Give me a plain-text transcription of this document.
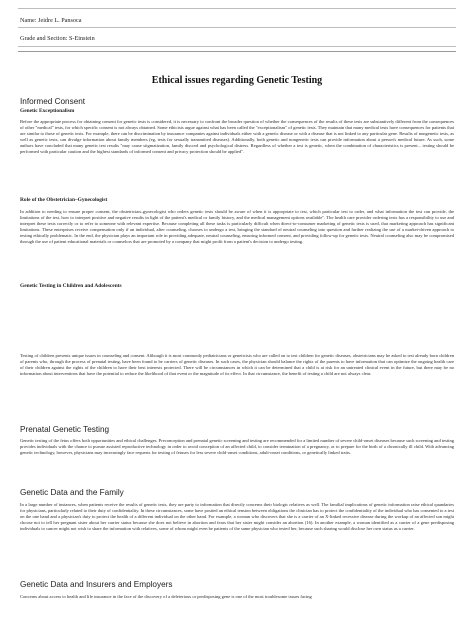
Name: Jeidre L. Pansoca
Grade and Section: S-Einstein
Ethical issues regarding Genetic Testing
Informed Consent
Genetic Exceptionalism

Before the appropriate process for obtaining consent for genetic tests is considered, it is necessary to confront the broader question of whether the consequences of the results of these tests are substantively different from the consequences of other "medical" tests, for which specific consent is not always obtained. Some ethicists argue against what has been called the "exceptionalism" of genetic tests. They maintain that many medical tests have consequences for patients that are similar to those of genetic tests. For example, there can be discrimination by insurance companies against individuals either with a genetic disease or with a disease that is not linked to any particular gene. Results of nongenetic tests, as well as genetic tests, can divulge information about family members (eg, tests for sexually transmitted diseases). Additionally, both genetic and nongenetic tests can provide information about a person's medical future. As such, some authors have concluded that many genetic test results "may cause stigmatization, family discord and psychological distress. Regardless of whether a test is genetic, when the combination of characteristics is present... testing should be performed with particular caution and the highest standards of informed consent and privacy protection should be applied".

Role of the Obstetrician–Gynecologist

In addition to needing to ensure proper consent, the obstetrician–gynecologist who orders genetic tests should be aware of when it is appropriate to test, which particular test to order, and what information the test can provide, the limitations of the test, how to interpret positive and negative results in light of the patient's medical or family history, and the medical management options available". The health care provider ordering tests has a responsibility to use and interpret these tests correctly or to refer to someone with relevant expertise. Because completing all these tasks is particularly difficult when direct-to-consumer marketing of genetic tests is used, that marketing approach has significant limitations. These enterprises receive compensation only if an individual, after counseling, chooses to undergo a test, bringing the standard of neutral counseling into question and further realizing the use of a market-driven approach to testing ethically problematic. In the end, the physician plays an important role in providing adequate, neutral counseling, ensuring informed consent, and providing follow-up for genetic tests. Neutral counseling also may be compromised through the use of patient educational materials or counselors that are promoted by a company that might profit from a patient's decision to undergo testing.

Genetic Testing in Children and Adolescents

Testing of children presents unique issues in counseling and consent. Although it is most commonly pediatricians or geneticists who are called on to test children for genetic diseases, obstetricians may be asked to test already born children of parents who, through the process of prenatal testing, have been found to be carriers of genetic diseases. In such cases, the physician should balance the rights of the parents to have information that can optimize the ongoing health care of their children against the rights of the children to have their best interests protected. There will be circumstances in which it can be determined that a child is at risk for an untreated clinical event in the future, but there may be no information about interventions that have the potential to reduce the likelihood of that event or the magnitude of its effect. In that circumstance, the benefit of testing a child are not always clear.

Prenatal Genetic Testing

Genetic testing of the fetus offers both opportunities and ethical challenges. Preconception and prenatal genetic screening and testing are recommended for a limited number of severe child-onset diseases because such screening and testing provides individuals with the chance to pursue assisted reproductive technology in order to avoid conception of an affected child, to consider termination of a pregnancy, or to prepare for the birth of a chronically ill child. With advancing genetic technology, however, physicians may increasingly face requests for testing of fetuses for less severe child-onset conditions, adult-onset conditions, or genetically linked traits.

Genetic Data and the Family

In a large number of instances, when patients receive the results of genetic tests, they are party to information that directly concerns their biologic relatives as well. The familial implications of genetic information raise ethical quandaries for physicians, particularly related to their duty of confidentiality. In these circumstances, some have posited an ethical tension between obligations the clinician has to protect the confidentiality of the individual who has consented to a test on the one hand and a physician's duty to protect the health of a different individual on the other hand. For example, a woman who discovers that she is a carrier of an X-linked recessive disease during the workup of an affected son might choose not to tell her pregnant sister about her carrier status because she does not believe in abortion and fears that her sister might consider an abortion (16). In another example, a woman identified as a carrier of a gene predisposing individuals to cancer might not wish to share the information with relatives, some of whom might even be patients of the same physician who tested her, because such sharing would disclose her own status as a carrier.

Genetic Data and Insurers and Employers

Concerns about access to health and life insurance in the face of the discovery of a deleterious or predisposing gene is one of the most troublesome issues facing
